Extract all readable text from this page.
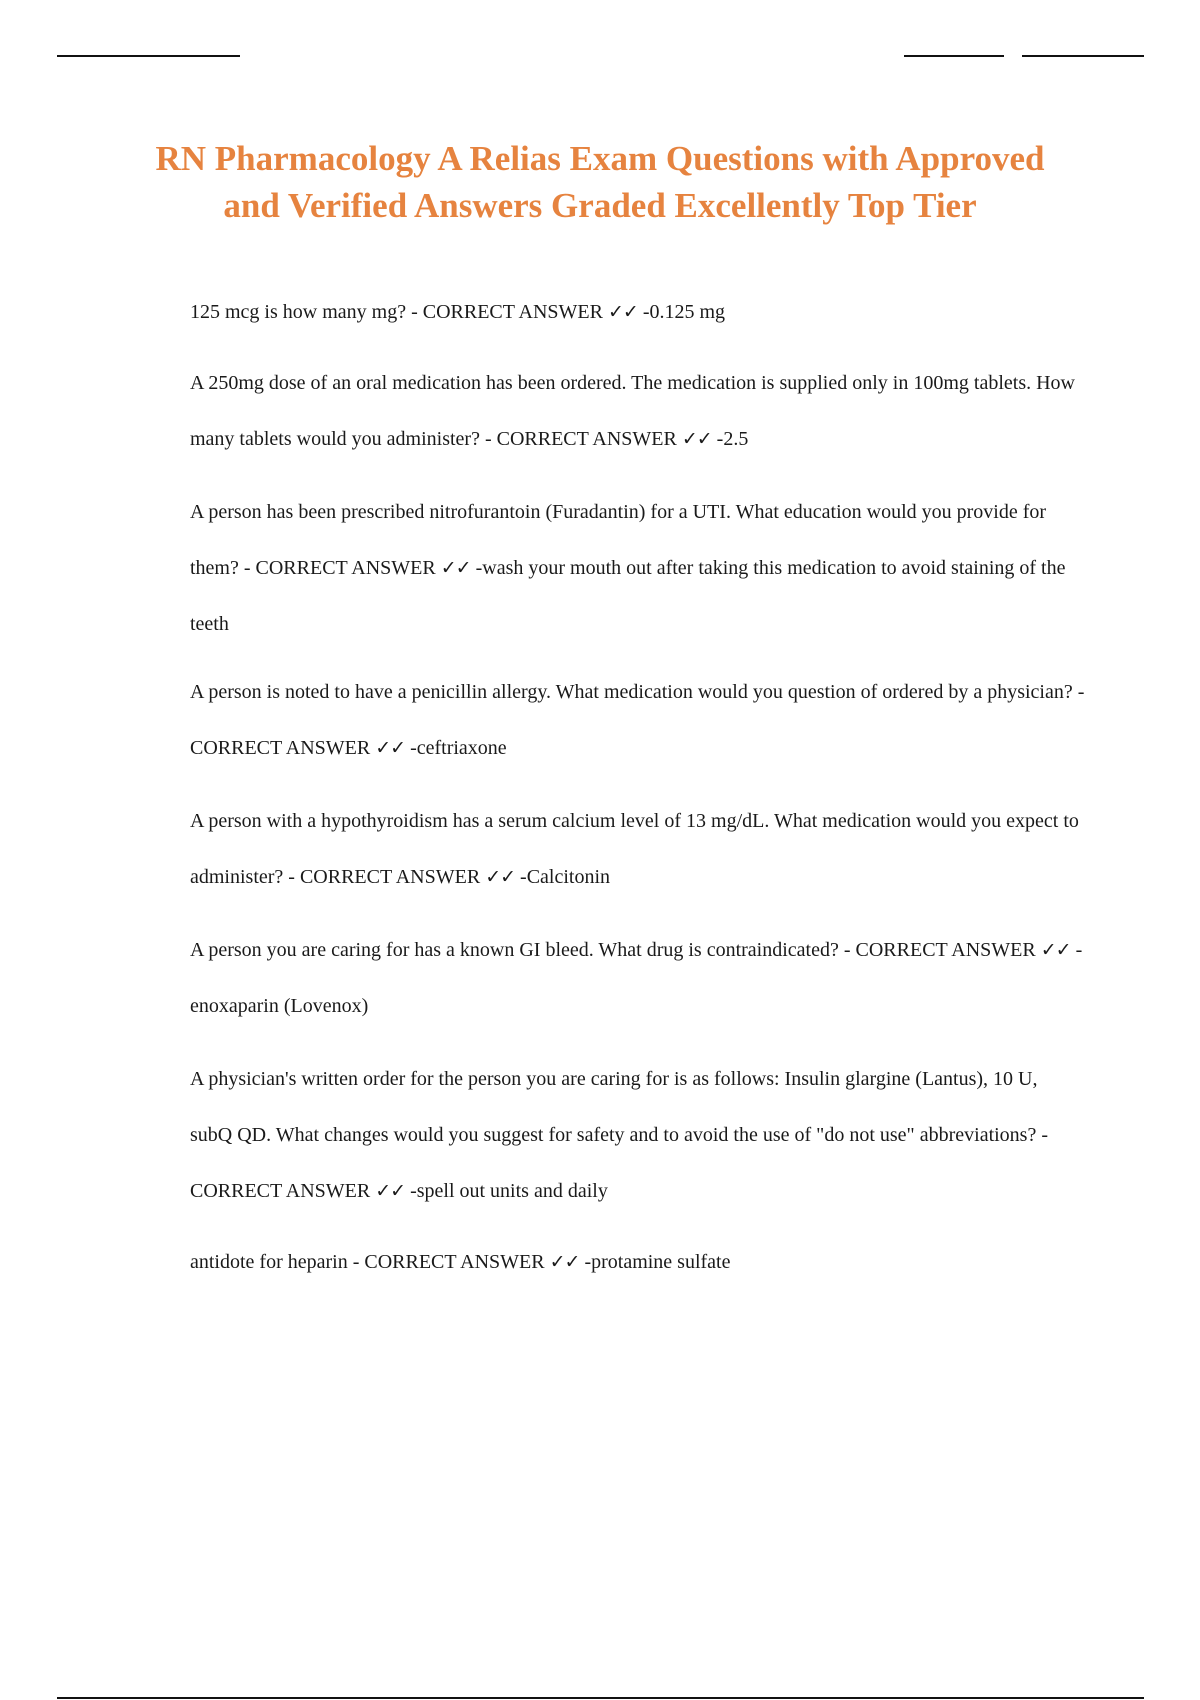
RN Pharmacology A Relias Exam Questions with Approved and Verified Answers Graded Excellently Top Tier

125 mcg is how many mg? - CORRECT ANSWER ✓✓ -0.125 mg

A 250mg dose of an oral medication has been ordered. The medication is supplied only in 100mg tablets. How many tablets would you administer? - CORRECT ANSWER ✓✓ -2.5

A person has been prescribed nitrofurantoin (Furadantin) for a UTI. What education would you provide for them? - CORRECT ANSWER ✓✓ -wash your mouth out after taking this medication to avoid staining of the teeth

A person is noted to have a penicillin allergy. What medication would you question of ordered by a physician? - CORRECT ANSWER ✓✓ -ceftriaxone

A person with a hypothyroidism has a serum calcium level of 13 mg/dL. What medication would you expect to administer? - CORRECT ANSWER ✓✓ -Calcitonin

A person you are caring for has a known GI bleed. What drug is contraindicated? - CORRECT ANSWER ✓✓ -enoxaparin (Lovenox)

A physician's written order for the person you are caring for is as follows: Insulin glargine (Lantus), 10 U, subQ QD. What changes would you suggest for safety and to avoid the use of "do not use" abbreviations? - CORRECT ANSWER ✓✓ -spell out units and daily

antidote for heparin - CORRECT ANSWER ✓✓ -protamine sulfate
